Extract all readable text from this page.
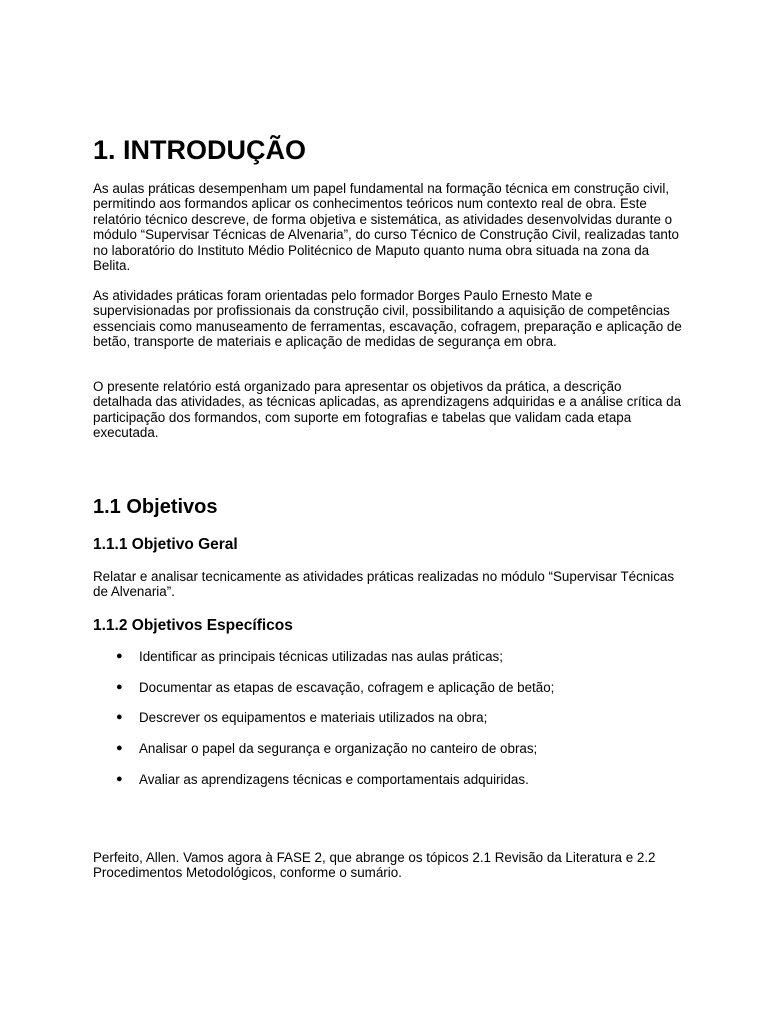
1. INTRODUÇÃO

As aulas práticas desempenham um papel fundamental na formação técnica em construção civil, permitindo aos formandos aplicar os conhecimentos teóricos num contexto real de obra. Este relatório técnico descreve, de forma objetiva e sistemática, as atividades desenvolvidas durante o módulo “Supervisar Técnicas de Alvenaria”, do curso Técnico de Construção Civil, realizadas tanto no laboratório do Instituto Médio Politécnico de Maputo quanto numa obra situada na zona da Belita.

As atividades práticas foram orientadas pelo formador Borges Paulo Ernesto Mate e supervisionadas por profissionais da construção civil, possibilitando a aquisição de competências essenciais como manuseamento de ferramentas, escavação, cofragem, preparação e aplicação de betão, transporte de materiais e aplicação de medidas de segurança em obra.

O presente relatório está organizado para apresentar os objetivos da prática, a descrição detalhada das atividades, as técnicas aplicadas, as aprendizagens adquiridas e a análise crítica da participação dos formandos, com suporte em fotografias e tabelas que validam cada etapa executada.

1.1 Objetivos
1.1.1 Objetivo Geral

Relatar e analisar tecnicamente as atividades práticas realizadas no módulo “Supervisar Técnicas de Alvenaria”.

1.1.2 Objetivos Específicos
● Identificar as principais técnicas utilizadas nas aulas práticas;
● Documentar as etapas de escavação, cofragem e aplicação de betão;
● Descrever os equipamentos e materiais utilizados na obra;
● Analisar o papel da segurança e organização no canteiro de obras;
● Avaliar as aprendizagens técnicas e comportamentais adquiridas.

Perfeito, Allen. Vamos agora à FASE 2, que abrange os tópicos 2.1 Revisão da Literatura e 2.2 Procedimentos Metodológicos, conforme o sumário.
